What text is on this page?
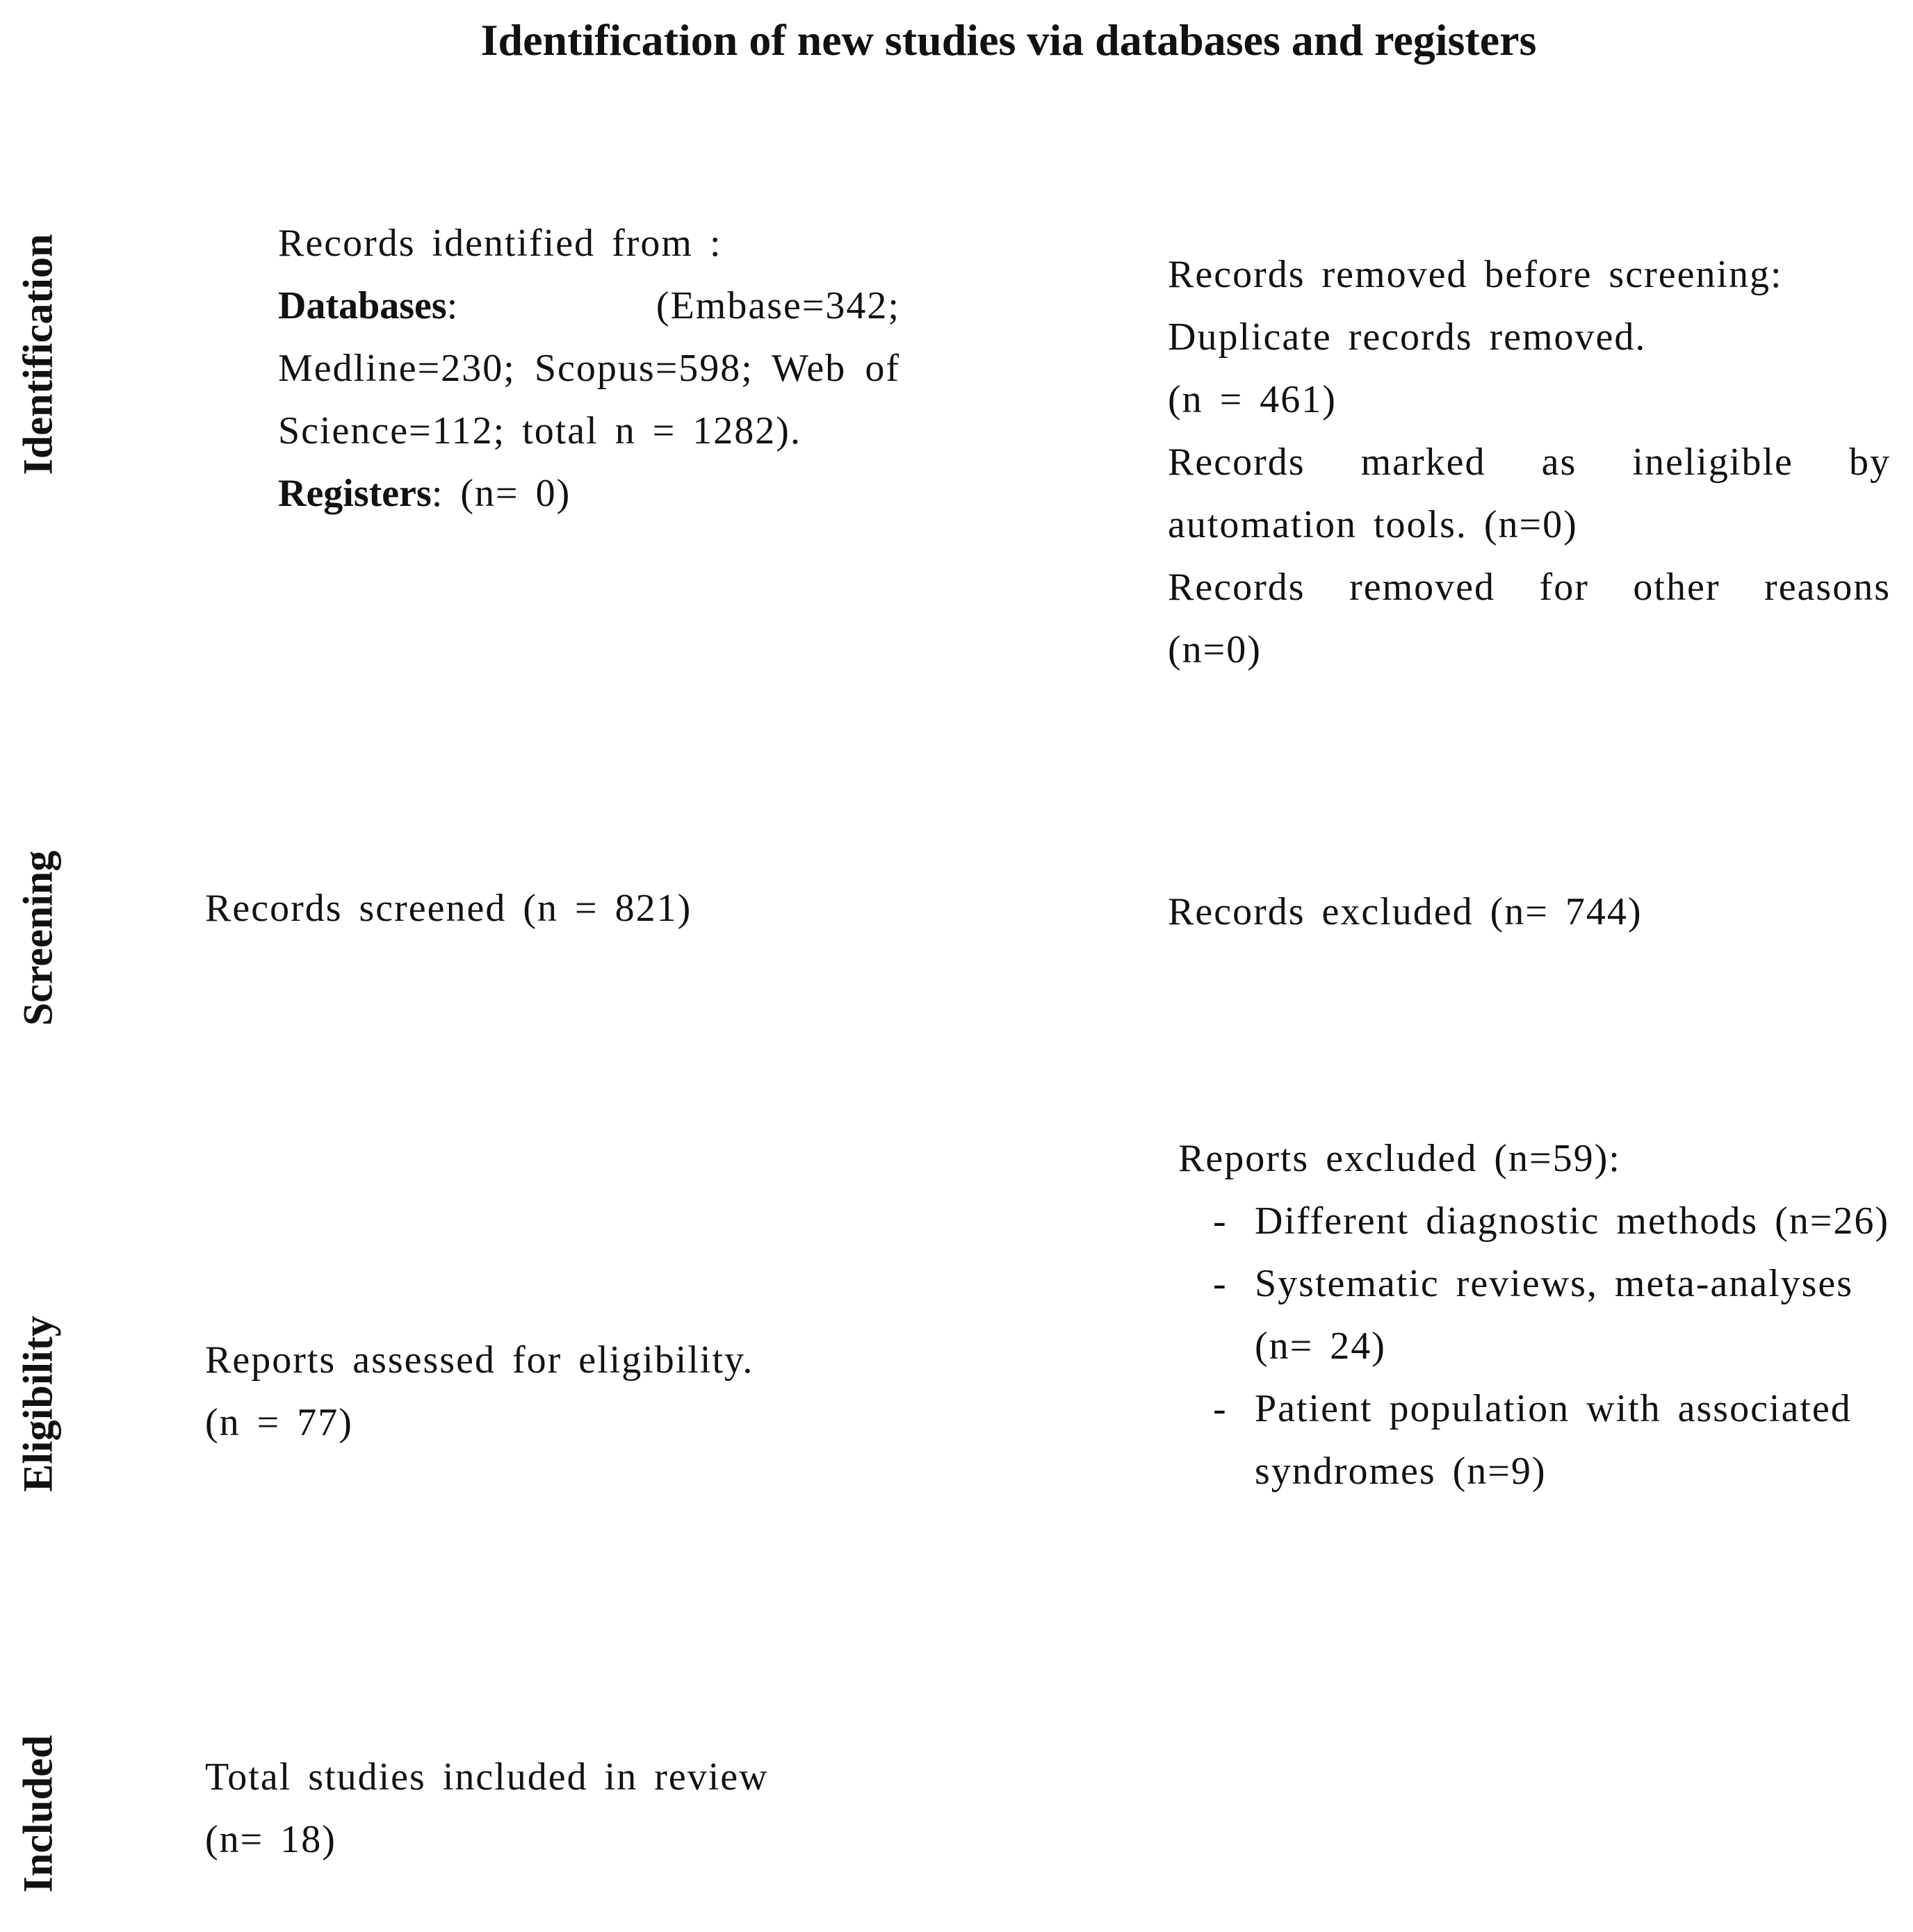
Identification of new studies via databases and registers
Identification
Screening
Eligibility
Included

Records identified from :

Databases: (Embase=342; Medline=230; Scopus=598; Web of Science=112; total n = 1282).

Registers: (n= 0)

Records removed before screening:

Duplicate records removed.

(n = 461)

Records marked as ineligible by automation tools. (n=0)

Records removed for other reasons (n=0)

Records screened (n = 821)	Records excluded (n= 744)

Reports assessed for eligibility.

(n = 77)

Reports excluded (n=59):

- Different diagnostic methods (n=26)
- Systematic reviews, meta-analyses (n= 24)
- Patient population with associated syndromes (n=9)

Total studies included in review

(n= 18)
